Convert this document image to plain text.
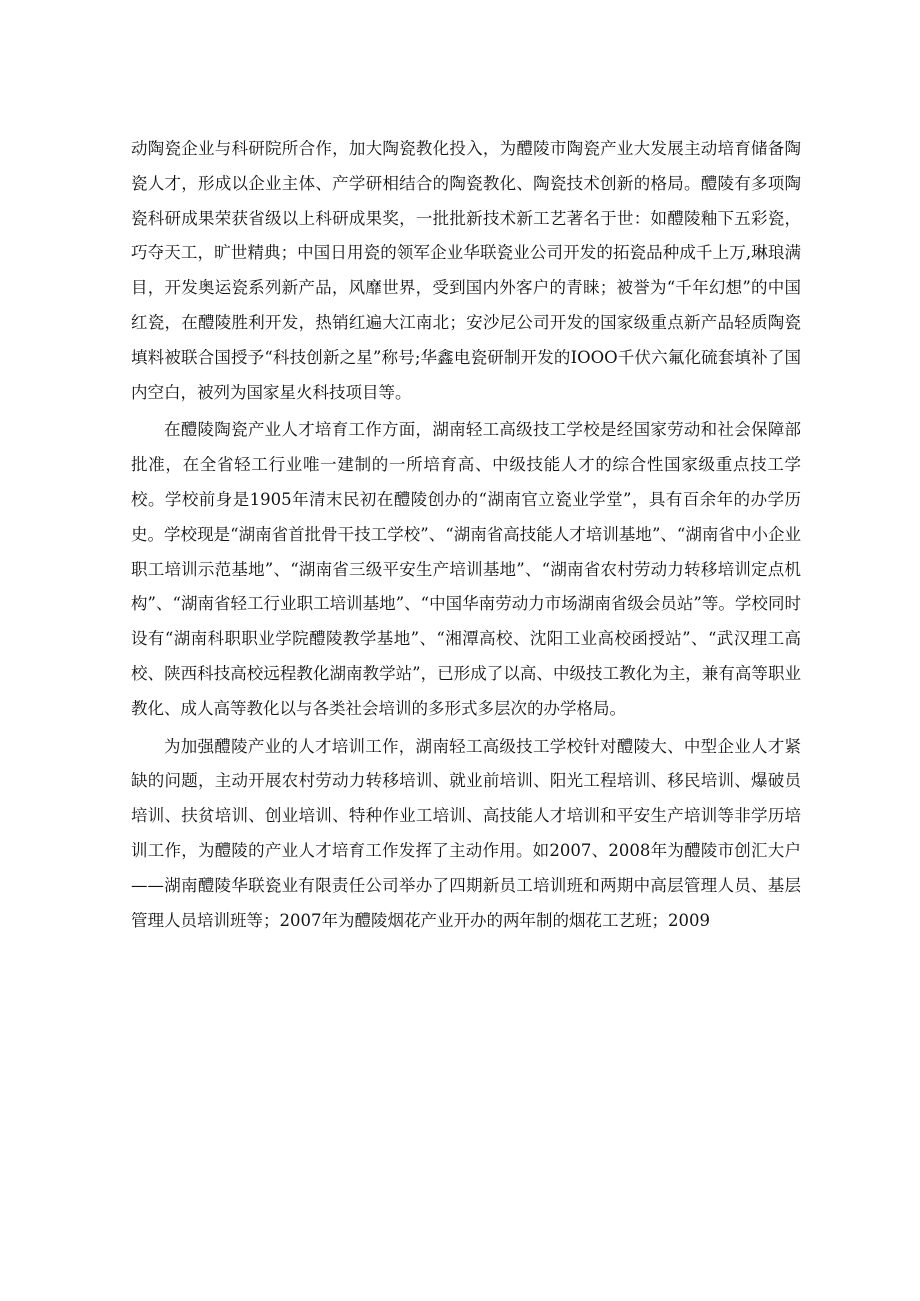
动陶瓷企业与科研院所合作，加大陶瓷教化投入，为醴陵市陶瓷产业大发展主动培育储备陶瓷人才，形成以企业主体、产学研相结合的陶瓷教化、陶瓷技术创新的格局。醴陵有多项陶瓷科研成果荣获省级以上科研成果奖，一批批新技术新工艺著名于世：如醴陵釉下五彩瓷，巧夺天工，旷世精典；中国日用瓷的领军企业华联瓷业公司开发的拓瓷品种成千上万,琳琅满目，开发奥运瓷系列新产品，风靡世界，受到国内外客户的青睐；被誉为“千年幻想”的中国红瓷，在醴陵胜利开发，热销红遍大江南北；安沙尼公司开发的国家级重点新产品轻质陶瓷填料被联合国授予“科技创新之星”称号;华鑫电瓷研制开发的IOOO千伏六氟化硫套填补了国内空白，被列为国家星火科技项目等。

在醴陵陶瓷产业人才培育工作方面，湖南轻工高级技工学校是经国家劳动和社会保障部批准，在全省轻工行业唯一建制的一所培育高、中级技能人才的综合性国家级重点技工学校。学校前身是1905年清末民初在醴陵创办的“湖南官立瓷业学堂”，具有百余年的办学历史。学校现是“湖南省首批骨干技工学校”、“湖南省高技能人才培训基地”、“湖南省中小企业职工培训示范基地”、“湖南省三级平安生产培训基地”、“湖南省农村劳动力转移培训定点机构”、“湖南省轻工行业职工培训基地”、“中国华南劳动力市场湖南省级会员站”等。学校同时设有“湖南科职职业学院醴陵教学基地”、“湘潭高校、沈阳工业高校函授站”、“武汉理工高校、陕西科技高校远程教化湖南教学站”，已形成了以高、中级技工教化为主，兼有高等职业教化、成人高等教化以与各类社会培训的多形式多层次的办学格局。

为加强醴陵产业的人才培训工作，湖南轻工高级技工学校针对醴陵大、中型企业人才紧缺的问题，主动开展农村劳动力转移培训、就业前培训、阳光工程培训、移民培训、爆破员培训、扶贫培训、创业培训、特种作业工培训、高技能人才培训和平安生产培训等非学历培训工作，为醴陵的产业人才培育工作发挥了主动作用。如2007、2008年为醴陵市创汇大户——湖南醴陵华联瓷业有限责任公司举办了四期新员工培训班和两期中高层管理人员、基层管理人员培训班等；2007年为醴陵烟花产业开办的两年制的烟花工艺班；2009
